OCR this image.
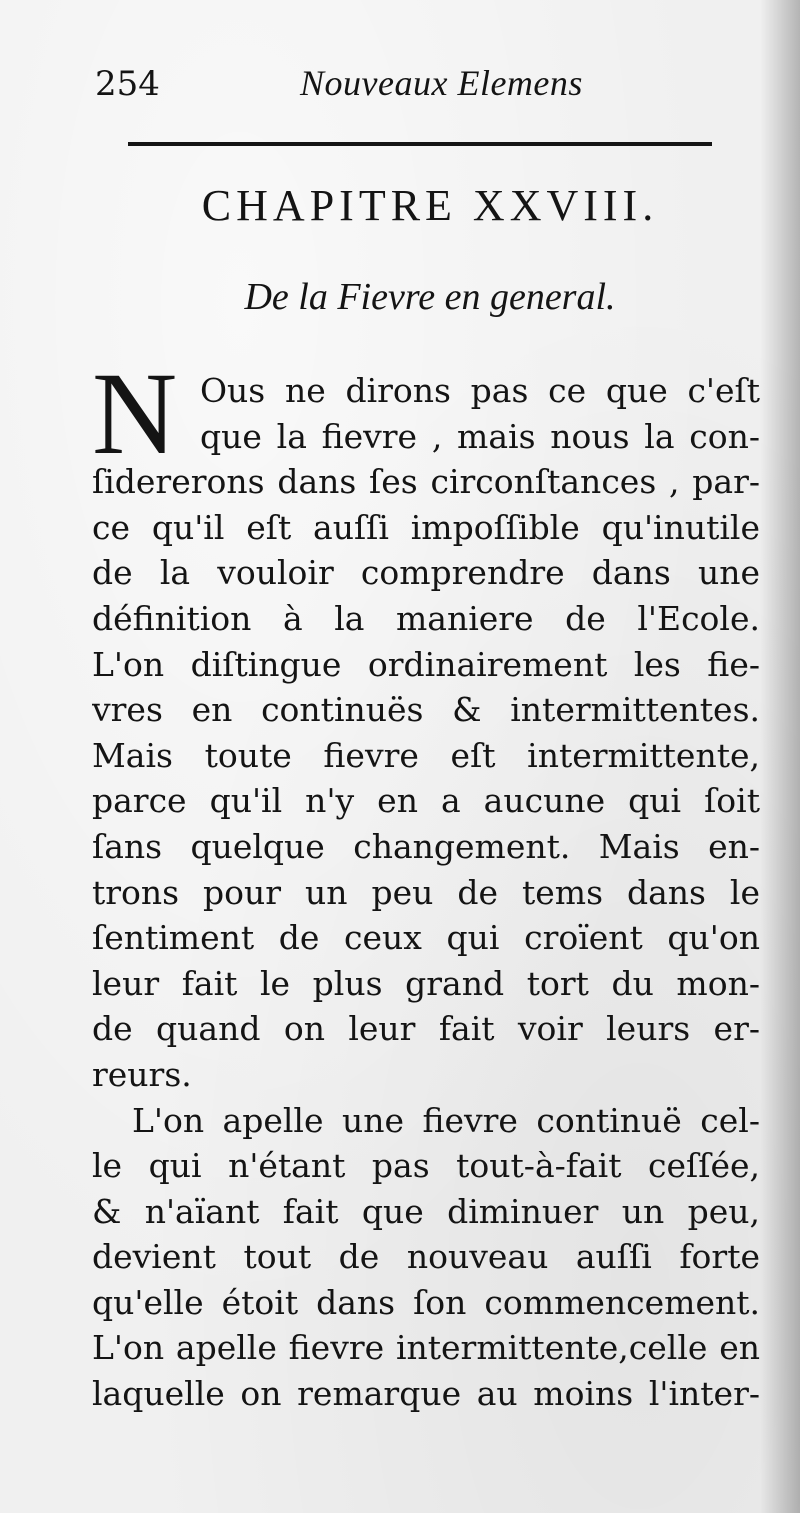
254	Nouveaux Elemens
CHAPITRE XXVIII.
De la Fievre en general.
N Ous ne dirons pas ce que c'eſt
que la fievre , mais nous la con-
ſidererons dans ſes circonſtances , par-
ce qu'il eſt auſſi impoſſible qu'inutile
de la vouloir comprendre dans une
définition à la maniere de l'Ecole.
L'on diſtingue ordinairement les fie-
vres en continuës & intermittentes.
Mais toute fievre eſt intermittente,
parce qu'il n'y en a aucune qui ſoit
ſans quelque changement. Mais en-
trons pour un peu de tems dans le
ſentiment de ceux qui croïent qu'on
leur fait le plus grand tort du mon-
de quand on leur fait voir leurs er-
reurs.
L'on apelle une fievre continuë cel-
le qui n'étant pas tout-à-fait ceſſée,
& n'aïant fait que diminuer un peu,
devient tout de nouveau auſſi forte
qu'elle étoit dans ſon commencement.
L'on apelle fievre intermittente,celle en
laquelle on remarque au moins l'inter-
